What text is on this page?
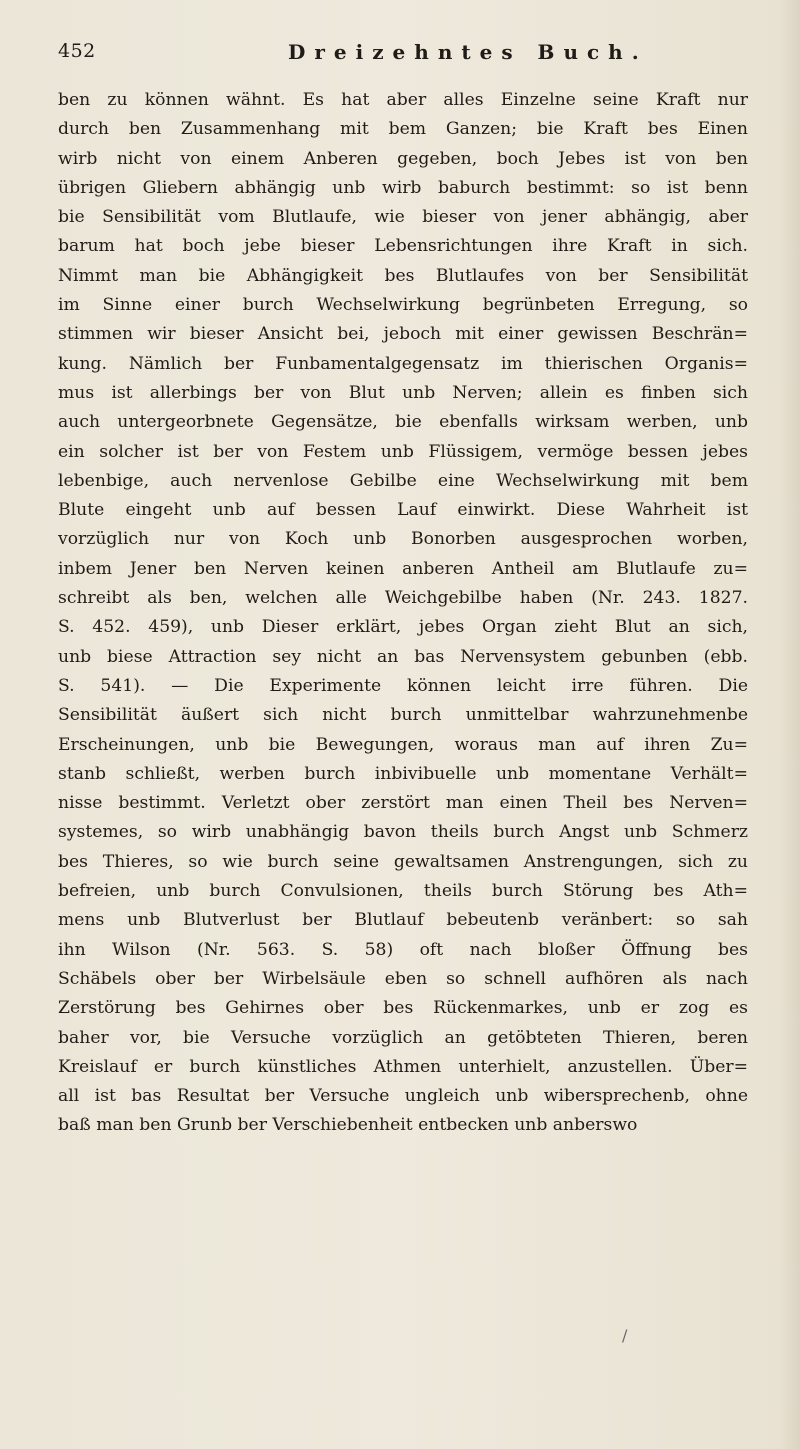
452	Dreizehntes Buch.
ben zu können wähnt. Es hat aber alles Einzelne seine Kraft nur
durch ben Zusammenhang mit bem Ganzen; bie Kraft bes Einen
wirb nicht von einem Anberen gegeben, boch Jebes ist von ben
übrigen Gliebern abhängig unb wirb baburch bestimmt: so ist benn
bie Sensibilität vom Blutlaufe, wie bieser von jener abhängig, aber
barum hat boch jebe bieser Lebensrichtungen ihre Kraft in sich.
Nimmt man bie Abhängigkeit bes Blutlaufes von ber Sensibilität
im Sinne einer burch Wechselwirkung begrünbeten Erregung, so
stimmen wir bieser Ansicht bei, jeboch mit einer gewissen Beschrän=
kung. Nämlich ber Funbamentalgegensatz im thierischen Organis=
mus ist allerbings ber von Blut unb Nerven; allein es finben sich
auch untergeorbnete Gegensätze, bie ebenfalls wirksam werben, unb
ein solcher ist ber von Festem unb Flüssigem, vermöge bessen jebes
lebenbige, auch nervenlose Gebilbe eine Wechselwirkung mit bem
Blute eingeht unb auf bessen Lauf einwirkt. Diese Wahrheit ist
vorzüglich nur von Koch unb Bonorben ausgesprochen worben,
inbem Jener ben Nerven keinen anberen Antheil am Blutlaufe zu=
schreibt als ben, welchen alle Weichgebilbe haben (Nr. 243. 1827.
S. 452. 459), unb Dieser erklärt, jebes Organ zieht Blut an sich,
unb biese Attraction sey nicht an bas Nervensystem gebunben (ebb.
S. 541). — Die Experimente können leicht irre führen. Die
Sensibilität äußert sich nicht burch unmittelbar wahrzunehmenbe
Erscheinungen, unb bie Bewegungen, woraus man auf ihren Zu=
stanb schließt, werben burch inbivibuelle unb momentane Verhält=
nisse bestimmt. Verletzt ober zerstört man einen Theil bes Nerven=
systemes, so wirb unabhängig bavon theils burch Angst unb Schmerz
bes Thieres, so wie burch seine gewaltsamen Anstrengungen, sich zu
befreien, unb burch Convulsionen, theils burch Störung bes Ath=
mens unb Blutverlust ber Blutlauf bebeutenb veränbert: so sah
ihn Wilson (Nr. 563. S. 58) oft nach bloßer Öffnung bes
Schäbels ober ber Wirbelsäule eben so schnell aufhören als nach
Zerstörung bes Gehirnes ober bes Rückenmarkes, unb er zog es
baher vor, bie Versuche vorzüglich an getöbteten Thieren, beren
Kreislauf er burch künstliches Athmen unterhielt, anzustellen. Über=
all ist bas Resultat ber Versuche ungleich unb wibersprechenb, ohne
baß man ben Grunb ber Verschiebenheit entbecken unb anberswo
/
